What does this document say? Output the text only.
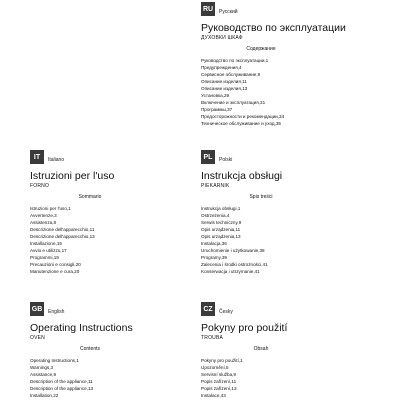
RU	Русский
Руководство по эксплуатации
ДУХОВКИ ШКАФ
Содержание
Руководство по эксплуатации,1
Предупреждения,4
Сервисное обслуживание,9
Описание изделия,11
Описание изделия,13
Установка,29
Включение и эксплуатация,31
Программы,37
Предосторожности и рекомендации,34
Техническое обслуживание и уход,35
IT	Italiano
Istruzioni per l'uso
FORNO
Sommario
Istruzioni per l'uso,1
Avvertenze,3
Assistenza,8
Descrizione dell'apparecchio,11
Descrizione dell'apparecchio,13
Installazione,15
Avvio e utilizzo,17
Programmi,19
Precauzioni e consigli,20
Manutenzione e cura,20
PL	Polski
Instrukcja obsługi
PIEKARNIK
Spis treści
Instrukcja obsługi,1
Ostrzeżenia,4
Serwis techniczny,9
Opis urządzenia,11
Opis urządzenia,13
Instalacja,36
Uruchomienie i użytkowanie,38
Programy,39
Zalecenia i środki ostrożności,41
Konserwacja i utrzymanie,41
GB	English
Operating Instructions
OVEN
Contents
Operating Instructions,1
Warnings,3
Assistance,9
Description of the appliance,11
Description of the appliance,13
Installation,22
CZ	Česky
Pokyny pro použití
TROUBA
Obsah
Pokyny pro použití,1
Upozornění,5
Servisní služba,9
Popis zařízení,11
Popis zařízení,13
Instalace,43
